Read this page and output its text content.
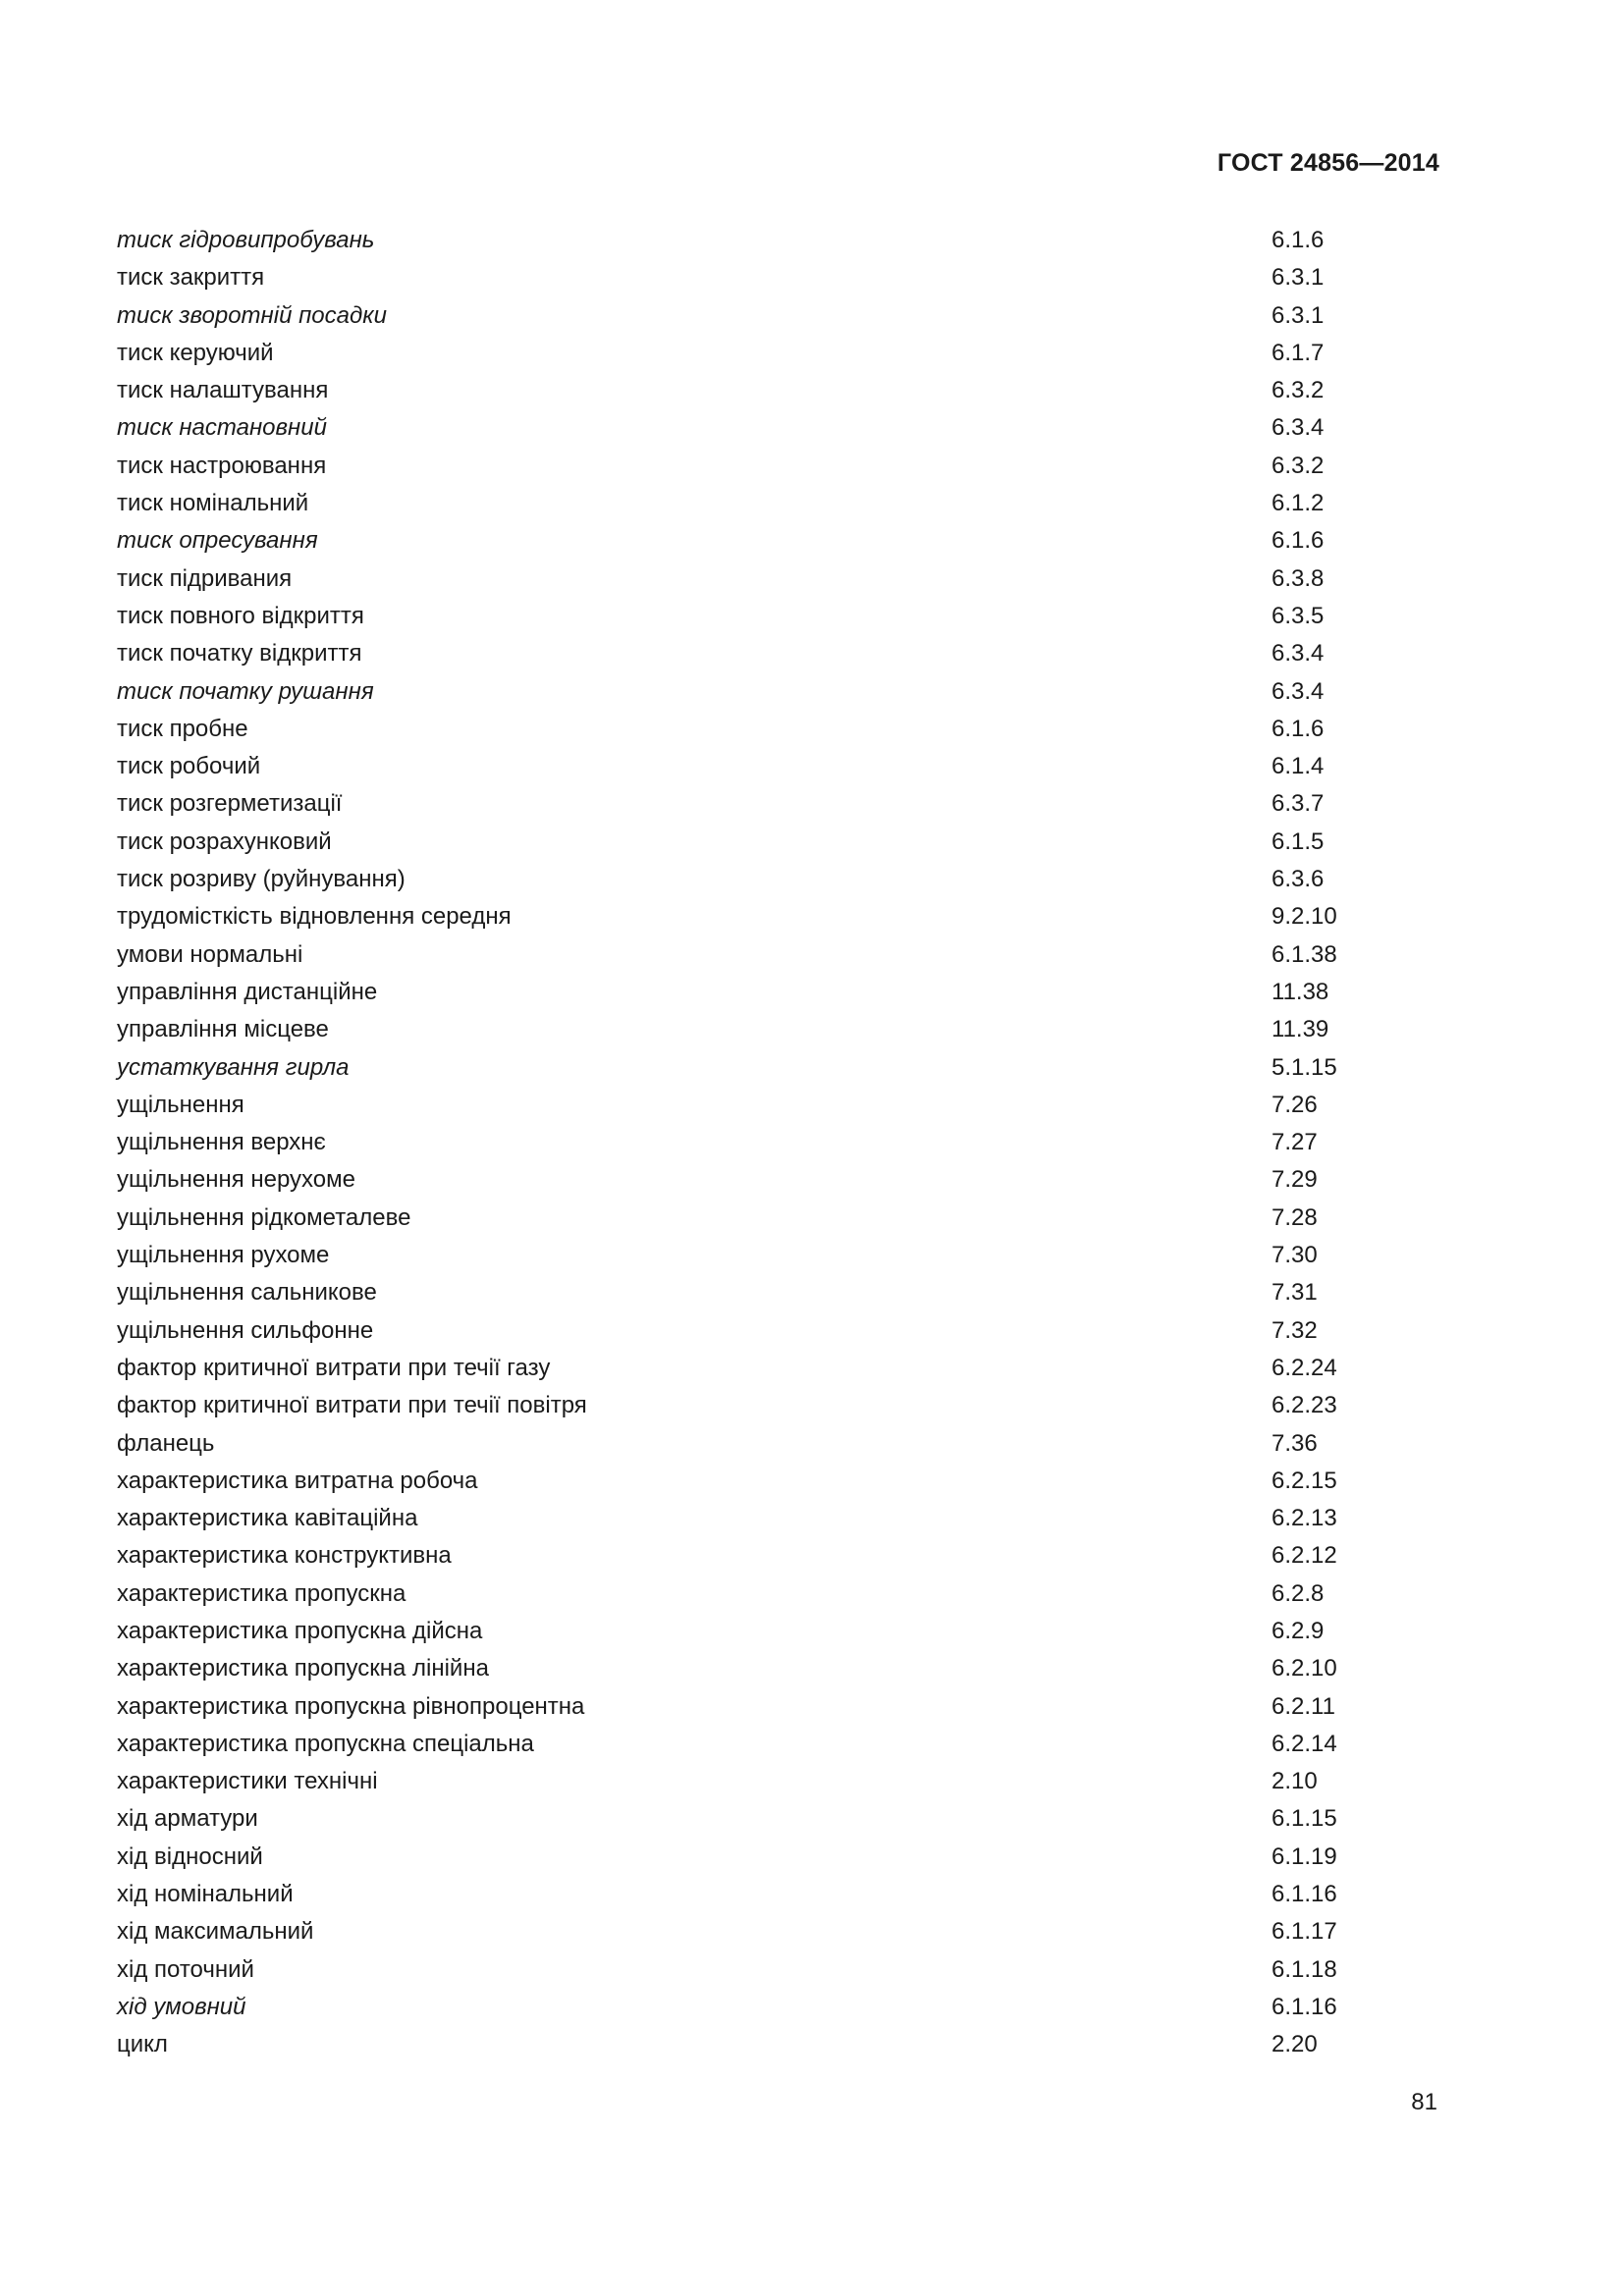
ГОСТ 24856—2014
тиск гідровипробувань	6.1.6
тиск закриття	6.3.1
тиск зворотній посадки	6.3.1
тиск керуючий	6.1.7
тиск налаштування	6.3.2
тиск настановний	6.3.4
тиск настроювання	6.3.2
тиск номінальний	6.1.2
тиск опресування	6.1.6
тиск підривания	6.3.8
тиск повного відкриття	6.3.5
тиск початку відкриття	6.3.4
тиск початку рушання	6.3.4
тиск пробне	6.1.6
тиск робочий	6.1.4
тиск розгерметизації	6.3.7
тиск розрахунковий	6.1.5
тиск розриву (руйнування)	6.3.6
трудомісткість відновлення середня	9.2.10
умови нормальні	6.1.38
управління дистанційне	11.38
управління місцеве	11.39
устаткування гирла	5.1.15
ущільнення	7.26
ущільнення верхнє	7.27
ущільнення нерухоме	7.29
ущільнення рідкометалеве	7.28
ущільнення рухоме	7.30
ущільнення сальникове	7.31
ущільнення сильфонне	7.32
фактор критичної витрати при течії газу	6.2.24
фактор критичної витрати при течії повітря	6.2.23
фланець	7.36
характеристика витратна робоча	6.2.15
характеристика кавітаційна	6.2.13
характеристика конструктивна	6.2.12
характеристика пропускна	6.2.8
характеристика пропускна дійсна	6.2.9
характеристика пропускна лінійна	6.2.10
характеристика пропускна рівнопроцентна	6.2.11
характеристика пропускна спеціальна	6.2.14
характеристики технічні	2.10
хід арматури	6.1.15
хід відносний	6.1.19
хід номінальний	6.1.16
хід максимальний	6.1.17
хід поточний	6.1.18
хід умовний	6.1.16
цикл	2.20
81
